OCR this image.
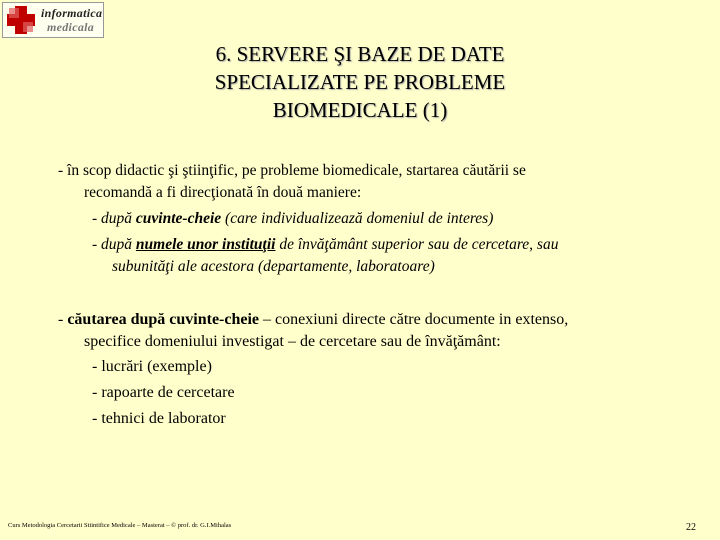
informatica
medicala
6. SERVERE ŞI BAZE DE DATE
SPECIALIZATE PE PROBLEME
BIOMEDICALE (1)
- în scop didactic şi ştiinţific, pe probleme biomedicale, startarea căutării se
recomandă a fi direcţionată în două maniere:
- după cuvinte-cheie (care individualizează domeniul de interes)
- după numele unor instituţii de învăţământ superior sau de cercetare, sau
subunităţi ale acestora (departamente, laboratoare)
- căutarea după cuvinte-cheie – conexiuni directe către documente in extenso,
specifice domeniului investigat – de cercetare sau de învăţământ:
- lucrări (exemple)
- rapoarte de cercetare
- tehnici de laborator
Curs Metodologia Cercetarii Stiintifice Medicale – Masterat – © prof. dr. G.I.Mihalas	22
